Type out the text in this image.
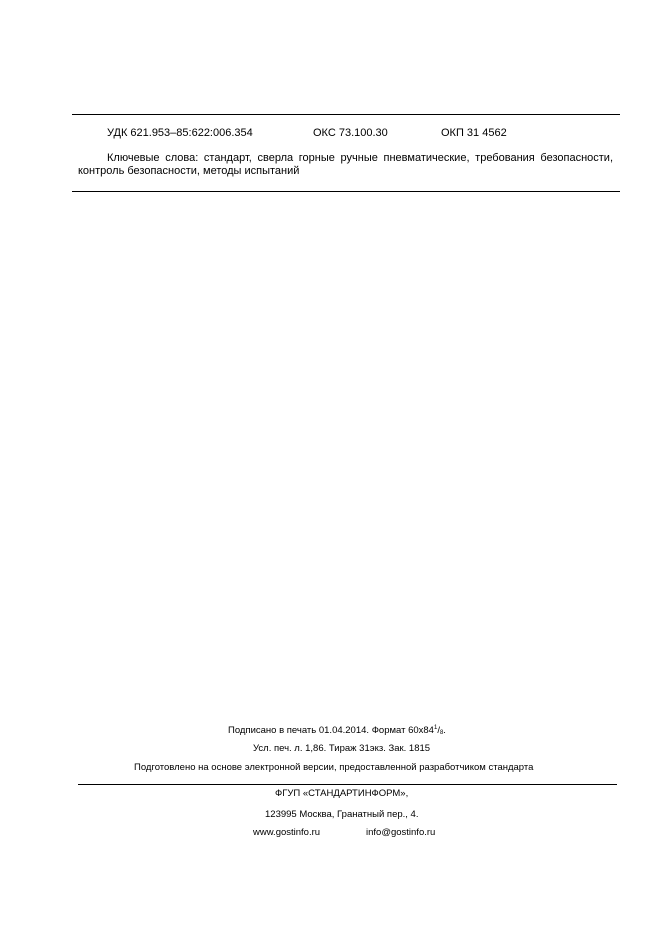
УДК 621.953–85:622:006.354	ОКС 73.100.30	ОКП 31 4562

Ключевые слова: стандарт, сверла горные ручные пневматические, требования безопасности, контроль безопасности, методы испытаний

Подписано в печать 01.04.2014. Формат $60х84^1/_8$.
Усл. печ. л. 1,86. Тираж 31экз. Зак. 1815
Подготовлено на основе электронной версии, предоставленной разработчиком стандарта
ФГУП «СТАНДАРТИНФОРМ»,
123995 Москва, Гранатный пер., 4.
www.gostinfo.ru	info@gostinfo.ru
